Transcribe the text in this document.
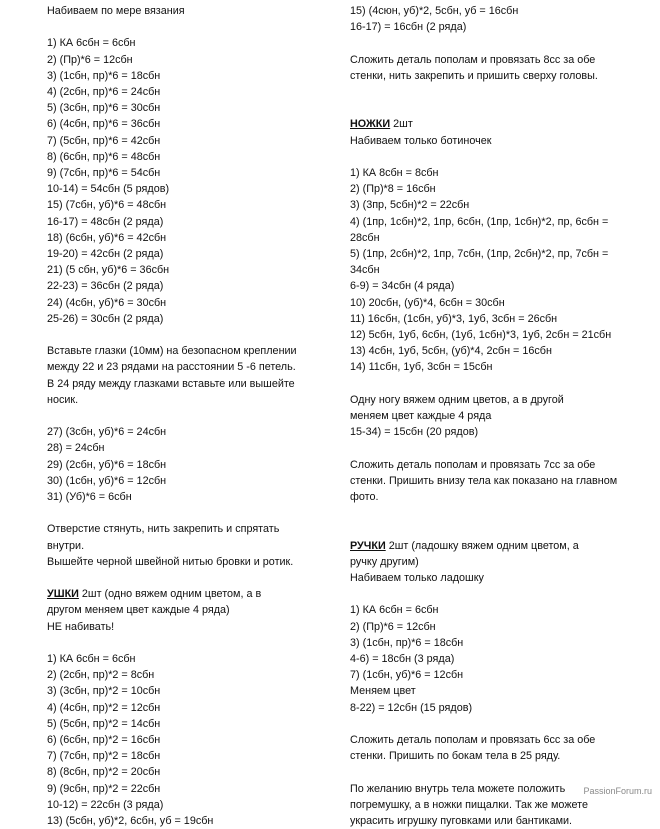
Набиваем по мере вязания
1) КА 6сбн = 6сбн
2) (Пр)*6 = 12сбн
3) (1сбн, пр)*6 = 18сбн
4) (2сбн, пр)*6 = 24сбн
5) (3сбн, пр)*6 = 30сбн
6) (4сбн, пр)*6 = 36сбн
7) (5сбн, пр)*6 = 42сбн
8) (6сбн, пр)*6 = 48сбн
9) (7сбн, пр)*6 = 54сбн
10-14) = 54сбн (5 рядов)
15) (7сбн, уб)*6 = 48сбн
16-17) = 48сбн (2 ряда)
18) (6сбн, уб)*6 = 42сбн
19-20) = 42сбн (2 ряда)
21) (5 сбн, уб)*6 = 36сбн
22-23) = 36сбн (2 ряда)
24) (4сбн, уб)*6 = 30сбн
25-26) = 30сбн (2 ряда)
Вставьте глазки (10мм) на безопасном креплении
между 22 и 23 рядами на расстоянии 5 -6 петель.
В 24 ряду между глазками вставьте или вышейте
носик.
27) (3сбн, уб)*6 = 24сбн
28) = 24сбн
29) (2сбн, уб)*6 = 18сбн
30) (1сбн, уб)*6 = 12сбн
31) (Уб)*6 = 6сбн
Отверстие стянуть, нить закрепить и спрятать
внутри.
Вышейте черной швейной нитью бровки и ротик.
УШКИ 2шт (одно вяжем одним цветом, а в
другом меняем цвет каждые 4 ряда)
НЕ набивать!
1) КА 6сбн = 6сбн
2) (2сбн, пр)*2 = 8сбн
3) (3сбн, пр)*2 = 10сбн
4) (4сбн, пр)*2 = 12сбн
5) (5сбн, пр)*2 = 14сбн
6) (6сбн, пр)*2 = 16сбн
7) (7сбн, пр)*2 = 18сбн
8) (8сбн, пр)*2 = 20сбн
9) (9сбн, пр)*2 = 22сбн
10-12) = 22сбн (3 ряда)
13) (5сбн, уб)*2, 6сбн, уб = 19сбн
15) (4сюн, уб)*2, 5сбн, уб = 16сбн
16-17) = 16сбн (2 ряда)
Сложить деталь пополам и провязать 8сс за обе стенки, нить закрепить и пришить сверху головы.
НОЖКИ 2шт
Набиваем только ботиночек
1) КА 8сбн = 8сбн
2) (Пр)*8 = 16сбн
3) (3пр, 5сбн)*2 = 22сбн
4) (1пр, 1сбн)*2, 1пр, 6сбн, (1пр, 1сбн)*2, пр, 6сбн = 28сбн
5) (1пр, 2сбн)*2, 1пр, 7сбн, (1пр, 2сбн)*2, пр, 7сбн = 34сбн
6-9) = 34сбн (4 ряда)
10) 20сбн, (уб)*4, 6сбн = 30сбн
11) 16сбн, (1сбн, уб)*3, 1уб, 3сбн = 26сбн
12) 5сбн, 1уб, 6сбн, (1уб, 1сбн)*3, 1уб, 2сбн = 21сбн
13) 4сбн, 1уб, 5сбн, (уб)*4, 2сбн = 16сбн
14) 11сбн, 1уб, 3сбн = 15сбн
Одну ногу вяжем одним цветов, а в другой
меняем цвет каждые 4 ряда
15-34) = 15сбн (20 рядов)
Сложить деталь пополам и провязать 7сс за обе стенки. Пришить внизу тела как показано на главном фото.
РУЧКИ 2шт (ладошку вяжем одним цветом, а
ручку другим)
Набиваем только ладошку
1) КА 6сбн = 6сбн
2) (Пр)*6 = 12сбн
3) (1сбн, пр)*6 = 18сбн
4-6) = 18сбн (3 ряда)
7) (1сбн, уб)*6 = 12сбн
Меняем цвет
8-22) = 12сбн (15 рядов)
Сложить деталь пополам и провязать 6сс за обе стенки. Пришить по бокам тела в 25 ряду.
По желанию внутрь тела можете положить погремушку, а в ножки пищалки. Так же можете украсить игрушку пуговками или бантиками.
PassionForum.ru
